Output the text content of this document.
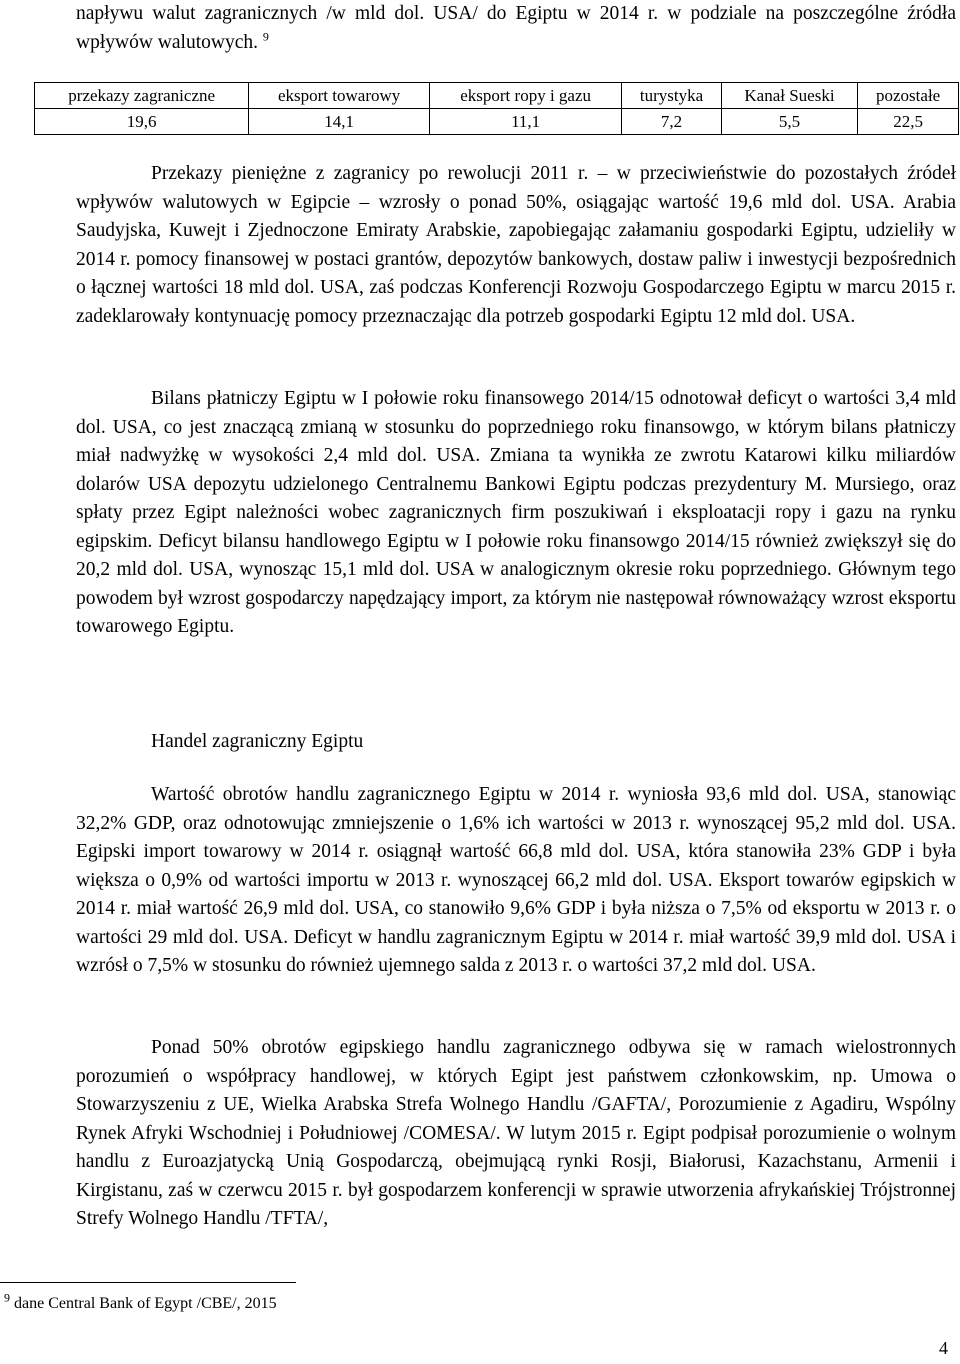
napływu walut zagranicznych /w mld dol. USA/ do Egiptu w 2014 r. w podziale na poszczególne źródła wpływów walutowych. $^9$
przekazy zagraniczne	eksport towarowy	eksport ropy i gazu	turystyka	Kanał Sueski	pozostałe
19,6	14,1	11,1	7,2	5,5	22,5
Przekazy pieniężne z zagranicy po rewolucji 2011 r. – w przeciwieństwie do pozostałych źródeł wpływów walutowych w Egipcie – wzrosły o ponad 50%, osiągając wartość 19,6 mld dol. USA. Arabia Saudyjska, Kuwejt i Zjednoczone Emiraty Arabskie, zapobiegając załamaniu gospodarki Egiptu, udzieliły w 2014 r. pomocy finansowej w postaci grantów, depozytów bankowych, dostaw paliw i inwestycji bezpośrednich o łącznej wartości 18 mld dol. USA, zaś podczas Konferencji Rozwoju Gospodarczego Egiptu w marcu 2015 r. zadeklarowały kontynuację pomocy przeznaczając dla potrzeb gospodarki Egiptu 12 mld dol. USA.
Bilans płatniczy Egiptu w I połowie roku finansowego 2014/15 odnotował deficyt o wartości 3,4 mld dol. USA, co jest znaczącą zmianą w stosunku do poprzedniego roku finansowgo, w którym bilans płatniczy miał nadwyżkę w wysokości 2,4 mld dol. USA. Zmiana ta wynikła ze zwrotu Katarowi kilku miliardów dolarów USA depozytu udzielonego Centralnemu Bankowi Egiptu podczas prezydentury M. Mursiego, oraz spłaty przez Egipt należności wobec zagranicznych firm poszukiwań i eksploatacji ropy i gazu na rynku egipskim. Deficyt bilansu handlowego Egiptu w I połowie roku finansowgo 2014/15 również zwiększył się do 20,2 mld dol. USA, wynosząc 15,1 mld dol. USA w analogicznym okresie roku poprzedniego. Głównym tego powodem był wzrost gospodarczy napędzający import, za którym nie następował równoważący wzrost eksportu towarowego Egiptu.
Handel zagraniczny Egiptu
Wartość obrotów handlu zagranicznego Egiptu w 2014 r. wyniosła 93,6 mld dol. USA, stanowiąc 32,2% GDP, oraz odnotowując zmniejszenie o 1,6% ich wartości w 2013 r. wynoszącej 95,2 mld dol. USA. Egipski import towarowy w 2014 r. osiągnął wartość 66,8 mld dol. USA, która stanowiła 23% GDP i była większa o 0,9% od wartości importu w 2013 r. wynoszącej 66,2 mld dol. USA. Eksport towarów egipskich w 2014 r. miał wartość 26,9 mld dol. USA, co stanowiło 9,6% GDP i była niższa o 7,5% od eksportu w 2013 r. o wartości 29 mld dol. USA. Deficyt w handlu zagranicznym Egiptu w 2014 r. miał wartość 39,9 mld dol. USA i wzrósł o 7,5% w stosunku do również ujemnego salda z 2013 r. o wartości 37,2 mld dol. USA.
Ponad 50% obrotów egipskiego handlu zagranicznego odbywa się w ramach wielostronnych porozumień o współpracy handlowej, w których Egipt jest państwem członkowskim, np. Umowa o Stowarzyszeniu z UE, Wielka Arabska Strefa Wolnego Handlu /GAFTA/, Porozumienie z Agadiru, Wspólny Rynek Afryki Wschodniej i Południowej /COMESA/. W lutym 2015 r. Egipt podpisał porozumienie o wolnym handlu z Euroazjatycką Unią Gospodarczą, obejmującą rynki Rosji, Białorusi, Kazachstanu, Armenii i Kirgistanu, zaś w czerwcu 2015 r. był gospodarzem konferencji w sprawie utworzenia afrykańskiej Trójstronnej Strefy Wolnego Handlu /TFTA/,
$^9$ dane Central Bank of Egypt /CBE/, 2015
4
